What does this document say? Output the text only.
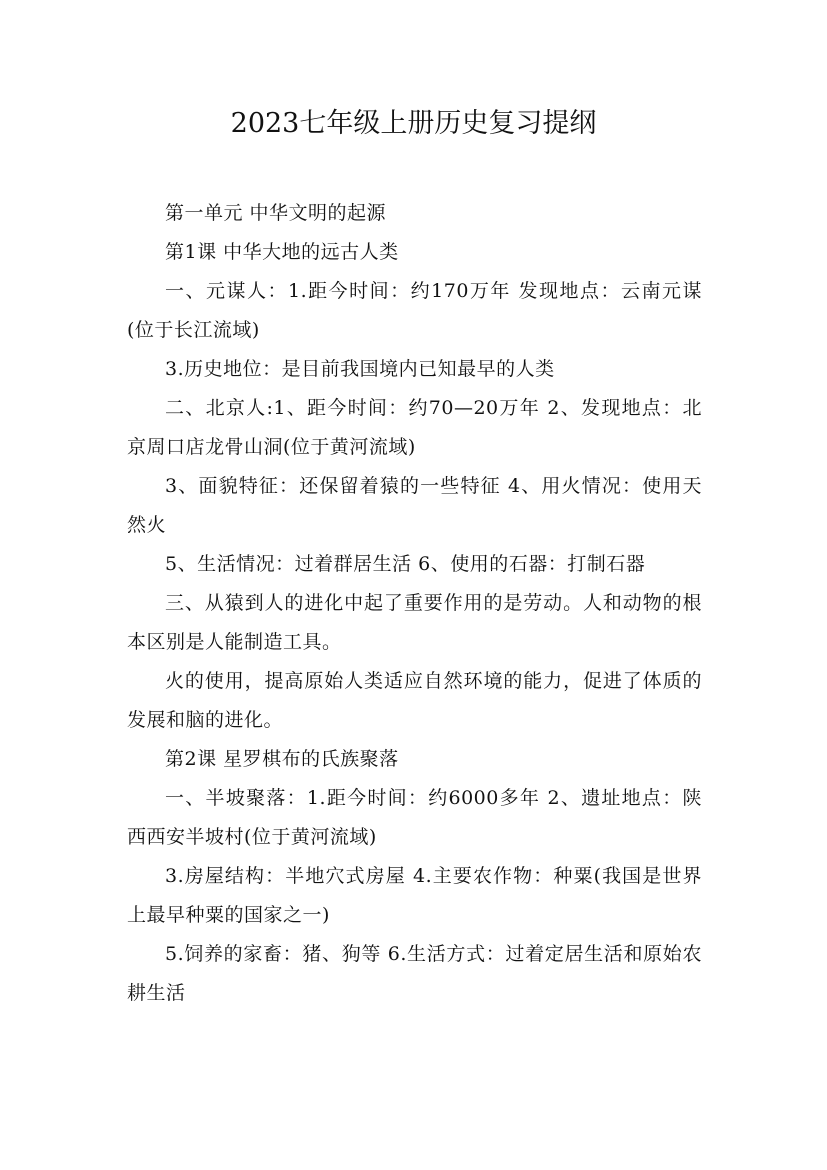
2023七年级上册历史复习提纲

第一单元 中华文明的起源

第1课 中华大地的远古人类

一、元谋人：1.距今时间：约170万年 发现地点：云南元谋(位于长江流域)

3.历史地位：是目前我国境内已知最早的人类

二、北京人:1、距今时间：约70—20万年 2、发现地点：北京周口店龙骨山洞(位于黄河流域)

3、面貌特征：还保留着猿的一些特征 4、用火情况：使用天然火

5、生活情况：过着群居生活 6、使用的石器：打制石器

三、从猿到人的进化中起了重要作用的是劳动。人和动物的根本区别是人能制造工具。

火的使用，提高原始人类适应自然环境的能力，促进了体质的发展和脑的进化。

第2课 星罗棋布的氏族聚落

一、半坡聚落：1.距今时间：约6000多年 2、遗址地点：陕西西安半坡村(位于黄河流域)

3.房屋结构：半地穴式房屋 4.主要农作物：种粟(我国是世界上最早种粟的国家之一)

5.饲养的家畜：猪、狗等 6.生活方式：过着定居生活和原始农耕生活
